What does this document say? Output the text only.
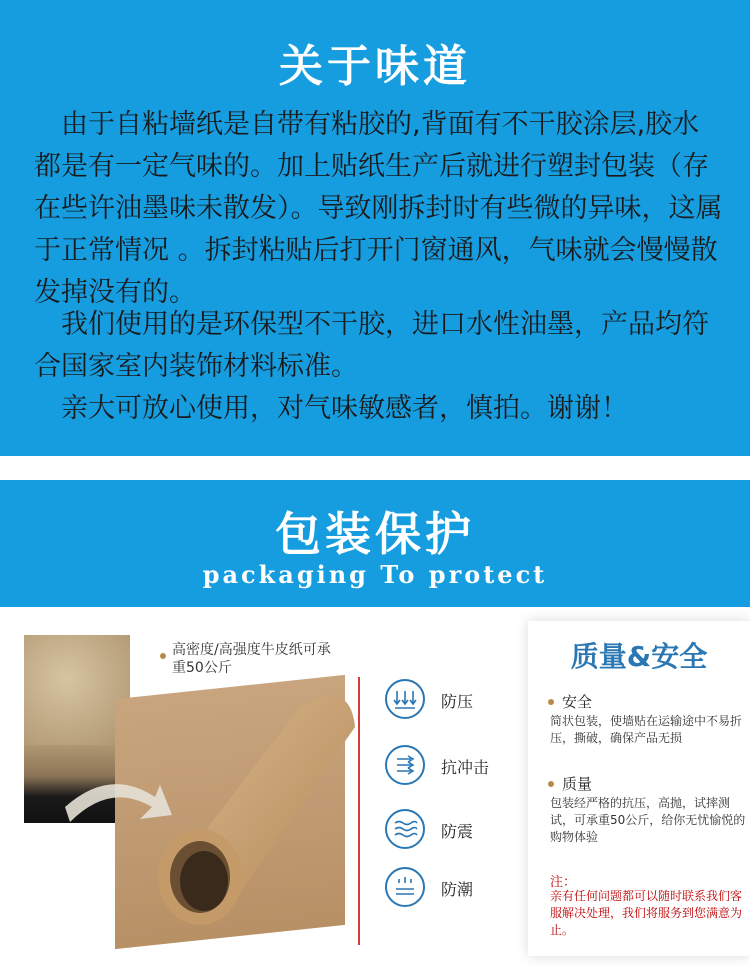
关于味道

由于自粘墙纸是自带有粘胶的,背面有不干胶涂层,胶水都是有一定气味的。加上贴纸生产后就进行塑封包装（存在些许油墨味未散发）。导致刚拆封时有些微的异味，这属于正常情况 。拆封粘贴后打开门窗通风，气味就会慢慢散发掉没有的。

我们使用的是环保型不干胶，进口水性油墨，产品均符合国家室内装饰材料标准。

亲大可放心使用，对气味敏感者，慎拍。谢谢！

包装保护
packaging To protect
高密度/高强度牛皮纸可承重50公斤
防压
抗冲击
防震
防潮
质量&安全
安全
简状包装，使墙贴在运输途中不易折压，撕破，确保产品无损
质量
包装经严格的抗压，高抛，试摔测试，可承重50公斤，给你无忧愉悦的购物体验
注：
亲有任何问题都可以随时联系我们客服解决处理，我们将服务到您满意为止。
